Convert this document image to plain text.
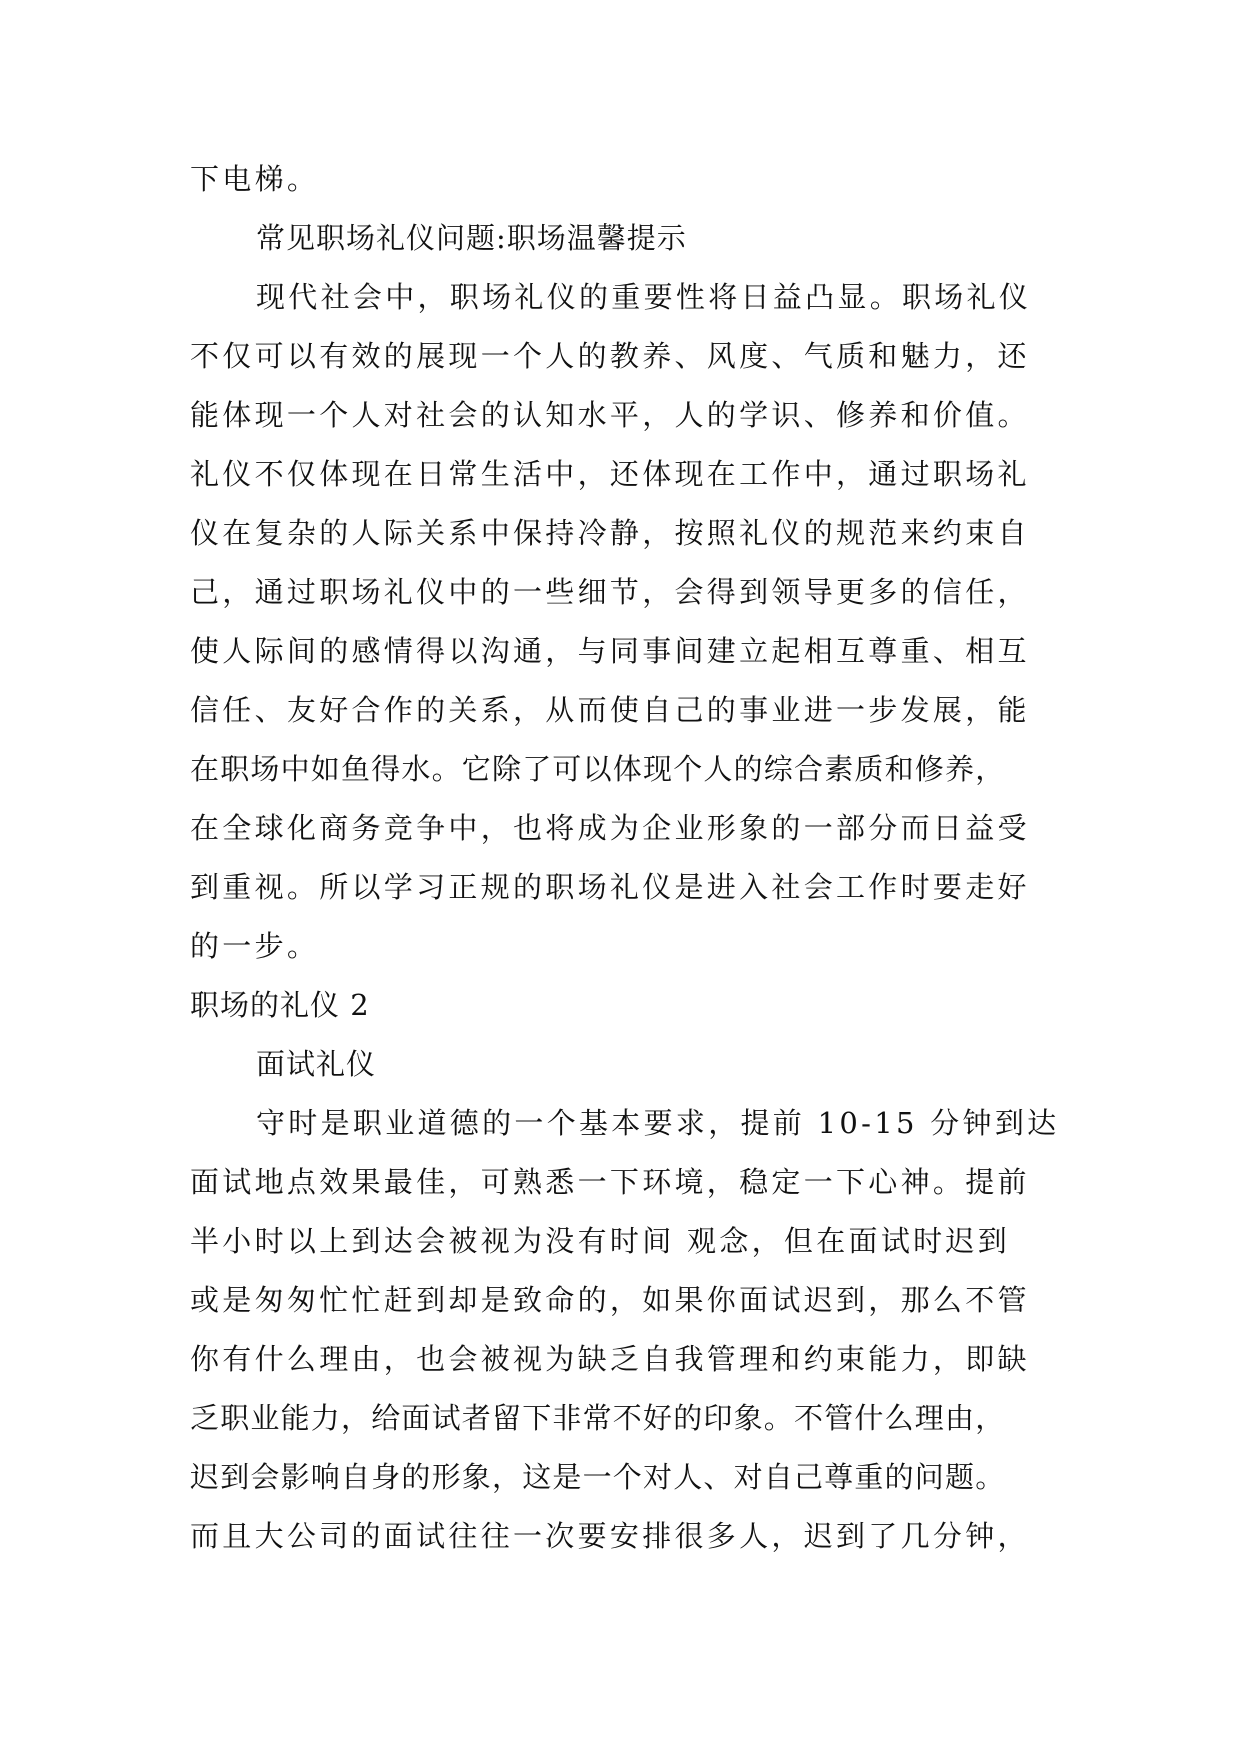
下电梯。
常见职场礼仪问题:职场温馨提示
现代社会中，职场礼仪的重要性将日益凸显。职场礼仪
不仅可以有效的展现一个人的教养、风度、气质和魅力，还
能体现一个人对社会的认知水平，人的学识、修养和价值。
礼仪不仅体现在日常生活中，还体现在工作中，通过职场礼
仪在复杂的人际关系中保持冷静，按照礼仪的规范来约束自
己，通过职场礼仪中的一些细节，会得到领导更多的信任，
使人际间的感情得以沟通，与同事间建立起相互尊重、相互
信任、友好合作的关系，从而使自己的事业进一步发展，能
在职场中如鱼得水。它除了可以体现个人的综合素质和修养，
在全球化商务竞争中，也将成为企业形象的一部分而日益受
到重视。所以学习正规的职场礼仪是进入社会工作时要走好
的一步。
职场的礼仪 2
面试礼仪
守时是职业道德的一个基本要求，提前 10-15 分钟到达
面试地点效果最佳，可熟悉一下环境，稳定一下心神。提前
半小时以上到达会被视为没有时间 观念，但在面试时迟到
或是匆匆忙忙赶到却是致命的，如果你面试迟到，那么不管
你有什么理由，也会被视为缺乏自我管理和约束能力，即缺
乏职业能力，给面试者留下非常不好的印象。不管什么理由，
迟到会影响自身的形象，这是一个对人、对自己尊重的问题。
而且大公司的面试往往一次要安排很多人，迟到了几分钟，
